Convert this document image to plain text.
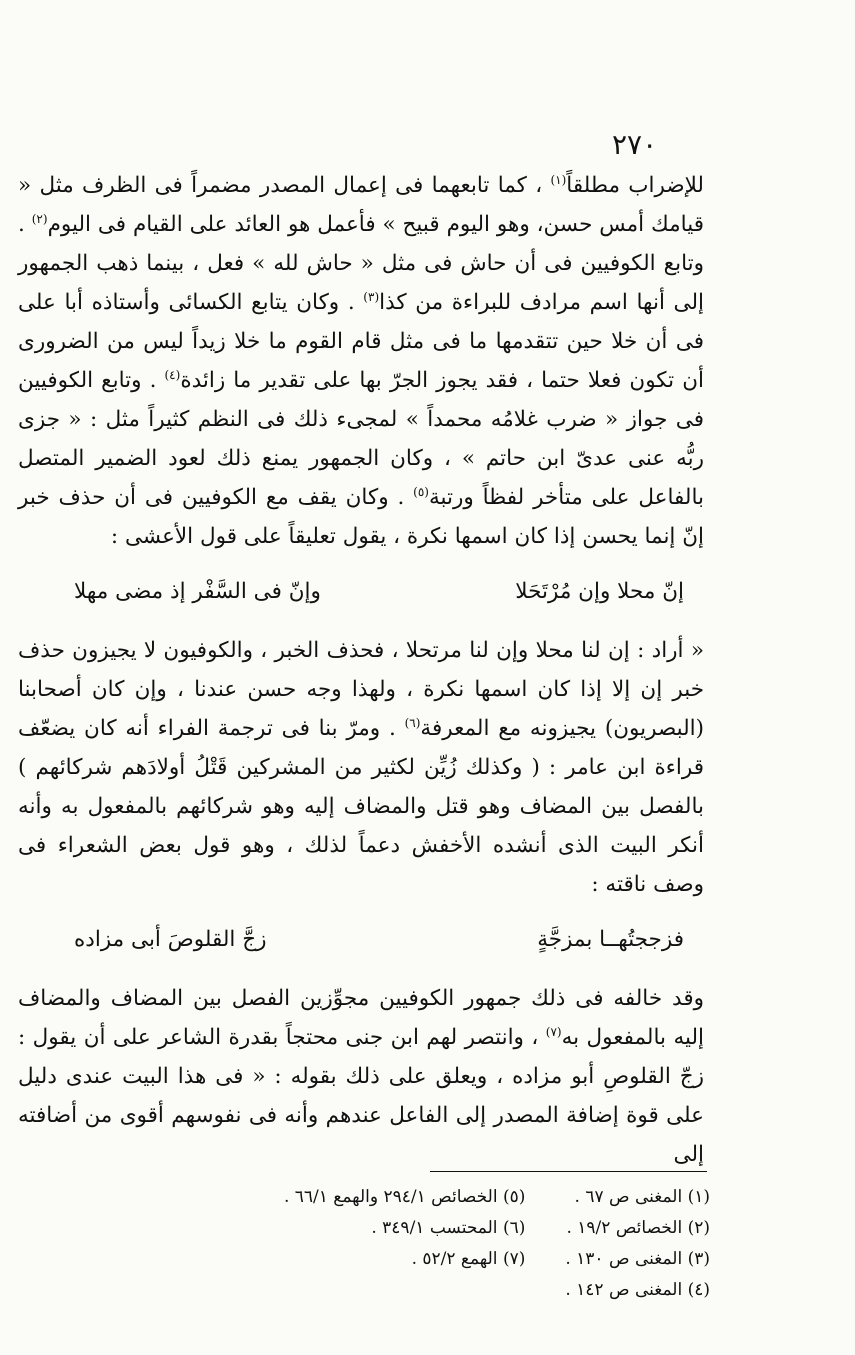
٢٧٠

للإضراب مطلقاً$^{(١)}$ ، كما تابعهما فى إعمال المصدر مضمراً فى الظرف مثل « قيامك أمس حسن، وهو اليوم قبيح » فأعمل هو العائد على القيام فى اليوم$^{(٢)}$ . وتابع الكوفيين فى أن حاش فى مثل « حاش لله » فعل ، بينما ذهب الجمهور إلى أنها اسم مرادف للبراءة من كذا$^{(٣)}$ . وكان يتابع الكسائى وأستاذه أبا على فى أن خلا حين تتقدمها ما فى مثل قام القوم ما خلا زيداً ليس من الضرورى أن تكون فعلا حتما ، فقد يجوز الجرّ بها على تقدير ما زائدة$^{(٤)}$ . وتابع الكوفيين فى جواز « ضرب غلامُه محمداً » لمجىء ذلك فى النظم كثيراً مثل : « جزى ربُّه عنى عدىّ ابن حاتم » ، وكان الجمهور يمنع ذلك لعود الضمير المتصل بالفاعل على متأخر لفظاً ورتبة$^{(٥)}$ . وكان يقف مع الكوفيين فى أن حذف خبر إنّ إنما يحسن إذا كان اسمها نكرة ، يقول تعليقاً على قول الأعشى :

إنّ محلا وإن مُرْتَحَلا
وإنّ فى السَّفْر إذ مضى مهلا

« أراد : إن لنا محلا وإن لنا مرتحلا ، فحذف الخبر ، والكوفيون لا يجيزون حذف خبر إن إلا إذا كان اسمها نكرة ، ولهذا وجه حسن عندنا ، وإن كان أصحابنا (البصريون) يجيزونه مع المعرفة$^{(٦)}$ . ومرّ بنا فى ترجمة الفراء أنه كان يضعّف قراءة ابن عامر : ( وكذلك زُيِّن لكثير من المشركين قَتْلُ أولادَهم شركائهم ) بالفصل بين المضاف وهو قتل والمضاف إليه وهو شركائهم بالمفعول به وأنه أنكر البيت الذى أنشده الأخفش دعماً لذلك ، وهو قول بعض الشعراء فى وصف ناقته :

فزججتُهــا بمزجَّةٍ
زجَّ القلوصَ أبى مزاده

وقد خالفه فى ذلك جمهور الكوفيين مجوِّزين الفصل بين المضاف والمضاف إليه بالمفعول به$^{(٧)}$ ، وانتصر لهم ابن جنى محتجاً بقدرة الشاعر على أن يقول : زجّ القلوصِ أبو مزاده ، ويعلق على ذلك بقوله : « فى هذا البيت عندى دليل على قوة إضافة المصدر إلى الفاعل عندهم وأنه فى نفوسهم أقوى من أضافته إلى

(١) المغنى ص ٦٧ .
(٢) الخصائص ١٩/٢ .
(٣) المغنى ص ١٣٠ .
(٤) المغنى ص ١٤٢ .
(٥) الخصائص ٢٩٤/١ والهمع ٦٦/١ .
(٦) المحتسب ٣٤٩/١ .
(٧) الهمع ٥٢/٢ .
